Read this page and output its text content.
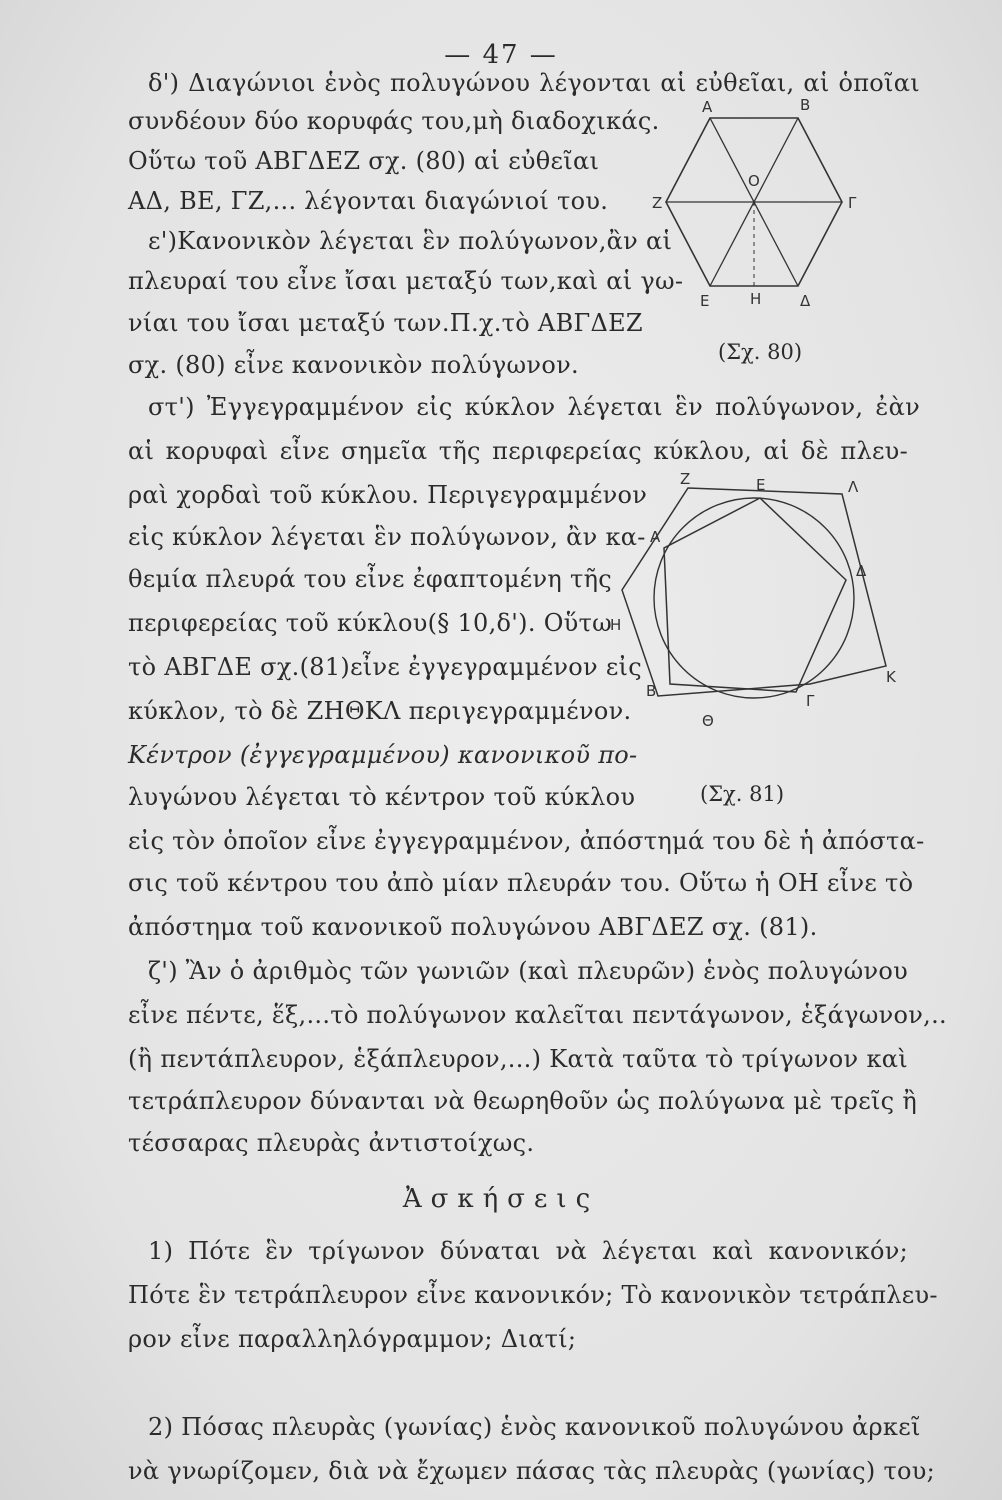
— 47 —
δ') Διαγώνιοι ἑνὸς πολυγώνου λέγονται αἱ εὐθεῖαι, αἱ ὁποῖαι
συνδέουν δύο κορυφάς του,μὴ διαδοχικάς.
Οὕτω τοῦ ΑΒΓΔΕΖ σχ. (80) αἱ εὐθεῖαι
ΑΔ, ΒΕ, ΓΖ,... λέγονται διαγώνιοί του.
ε')Κανονικὸν λέγεται ἓν πολύγωνον,ἂν αἱ
πλευραί του εἶνε ἴσαι μεταξύ των,καὶ αἱ γω-
νίαι του ἴσαι μεταξύ των.Π.χ.τὸ ΑΒΓΔΕΖ
σχ. (80) εἶνε κανονικὸν πολύγωνον.
στ') Ἐγγεγραμμένον εἰς κύκλον λέγεται ἓν πολύγωνον, ἐὰν
αἱ κορυφαὶ εἶνε σημεῖα τῆς περιφερείας κύκλου, αἱ δὲ πλευ-
ραὶ χορδαὶ τοῦ κύκλου. Περιγεγραμμένον
εἰς κύκλον λέγεται ἓν πολύγωνον, ἂν κα-
θεμία πλευρά του εἶνε ἐφαπτομένη τῆς
περιφερείας τοῦ κύκλου(§ 10,δ'). Οὕτω
τὸ ΑΒΓΔΕ σχ.(81)εἶνε ἐγγεγραμμένον εἰς
κύκλον, τὸ δὲ ΖΗΘΚΛ περιγεγραμμένον.
Κέντρον (ἐγγεγραμμένου) κανονικοῦ πο-
λυγώνου λέγεται τὸ κέντρον τοῦ κύκλου
εἰς τὸν ὁποῖον εἶνε ἐγγεγραμμένον, ἀπόστημά του δὲ ἡ ἀπόστα-
σις τοῦ κέντρου του ἀπὸ μίαν πλευράν του. Οὕτω ἡ ΟΗ εἶνε τὸ
ἀπόστημα τοῦ κανονικοῦ πολυγώνου ΑΒΓΔΕΖ σχ. (81).
ζ') Ἂν ὁ ἀριθμὸς τῶν γωνιῶν (καὶ πλευρῶν) ἑνὸς πολυγώνου
εἶνε πέντε, ἕξ,...τὸ πολύγωνον καλεῖται πεντάγωνον, ἑξάγωνον,..
(ἢ πεντάπλευρον, ἑξάπλευρον,...) Κατὰ ταῦτα τὸ τρίγωνον καὶ
τετράπλευρον δύνανται νὰ θεωρηθοῦν ὡς πολύγωνα μὲ τρεῖς ἢ
τέσσαρας πλευρὰς ἀντιστοίχως.
Ἀσκήσεις
1) Πότε ἓν τρίγωνον δύναται νὰ λέγεται καὶ κανονικόν;
Πότε ἓν τετράπλευρον εἶνε κανονικόν; Τὸ κανονικὸν τετράπλευ-
ρον εἶνε παραλληλόγραμμον; Διατί;
Α	Β
Γ
Δ
Η
Ε
Ζ
Ο
(Σχ. 80)
Ζ	Ε	Λ
Α
Δ
Η
Β
Κ
Γ
Θ
(Σχ. 81)
2) Πόσας πλευρὰς (γωνίας) ἑνὸς κανονικοῦ πολυγώνου ἀρκεῖ
νὰ γνωρίζομεν, διὰ νὰ ἔχωμεν πάσας τὰς πλευρὰς (γωνίας) του;
